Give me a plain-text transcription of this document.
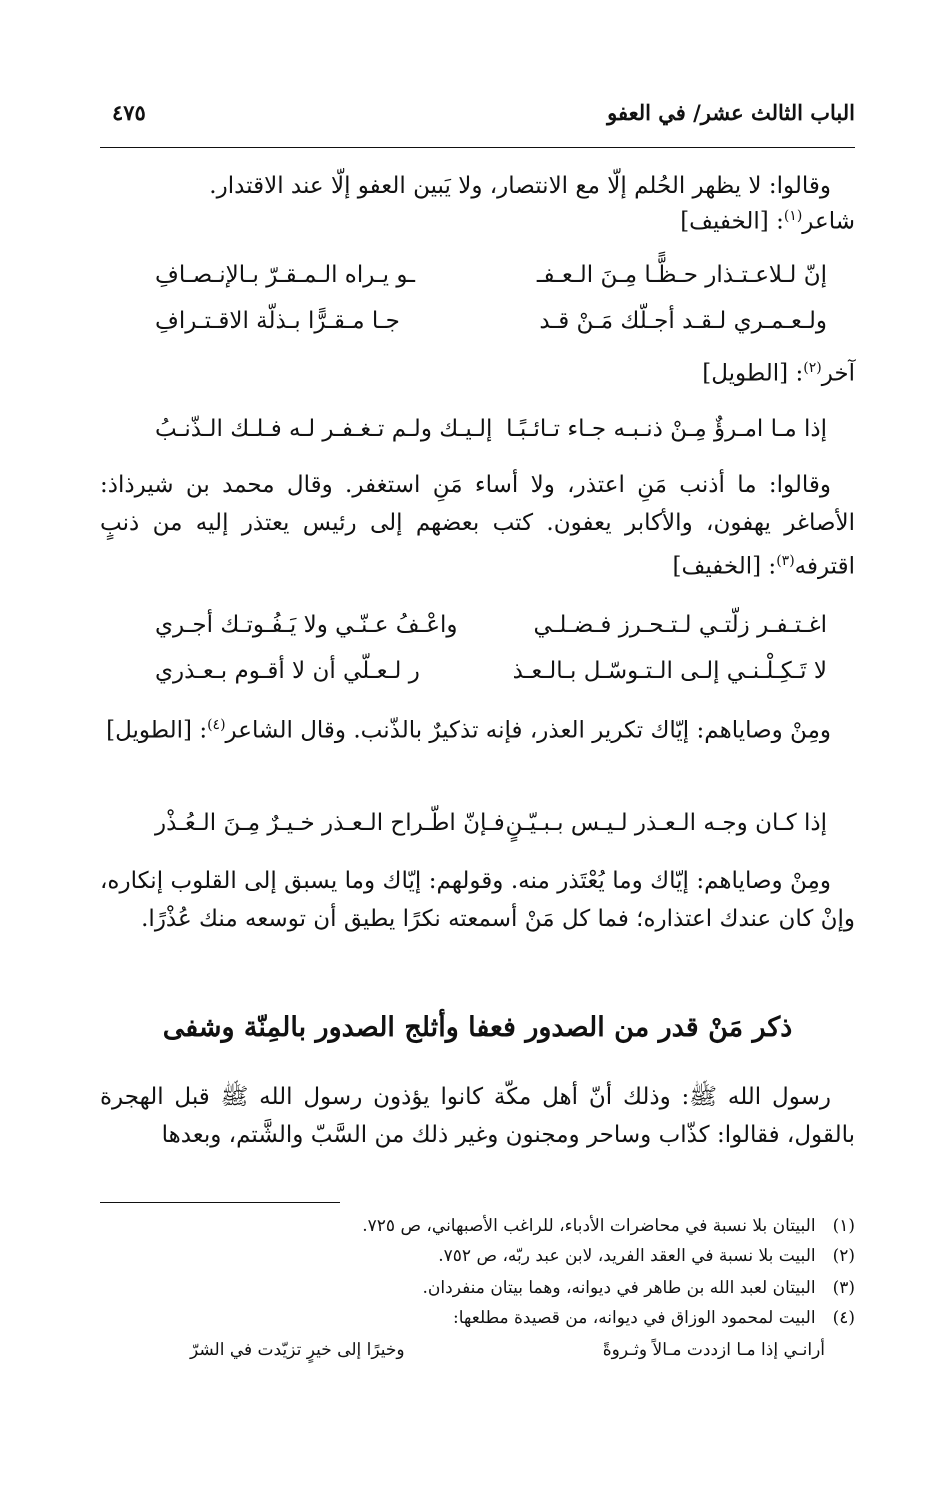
الباب الثالث عشر/ في العفو
٤٧٥
وقالوا: لا يظهر الحُلم إلّا مع الانتصار، ولا يَبين العفو إلّا عند الاقتدار.
شاعر$^{(١)}$: [الخفيف]
إنّ لـلاعـتـذار حـظًّـا مِـنَ الـعـفـ
ـو يـراه الـمـقـرّ بـالإنـصـافِ
ولـعـمـري لـقـد أجـلّك مَـنْ قـد
جـا مـقـرًّا بـذلّة الاقـتـرافِ
آخر$^{(٢)}$: [الطويل]
إذا مـا امـرؤٌ مِـنْ ذنـبـه جـاء تـائـبًـا
إلـيـك ولـم تـغـفـر لـه فـلـك الـذّنـبُ
وقالوا: ما أذنب مَنِ اعتذر، ولا أساء مَنِ استغفر. وقال محمد بن شيرذاذ: الأصاغر يهفون، والأكابر يعفون. كتب بعضهم إلى رئيس يعتذر إليه من ذنبٍ اقترفه$^{(٣)}$: [الخفيف]
اغـتـفـر زلّتـي لـتـحـرز فـضـلـي
واعْـفُ عـنّـي ولا يَـفُـوتـك أجـري
لا تَـكِـلْـنـي إلـى الـتـوسّـل بـالـعـذ
ر لـعـلّي أن لا أقـوم بـعـذري
ومِنْ وصاياهم: إيّاك تكرير العذر، فإنه تذكيرٌ بالذّنب. وقال الشاعر$^{(٤)}$: [الطويل]
إذا كـان وجـه الـعـذر لـيـس بـبـيّـنٍ
فـإنّ اطّـراح الـعـذر خـيـرٌ مِـنَ الـعُـذْر
ومِنْ وصاياهم: إيّاك وما يُعْتَذر منه. وقولهم: إيّاك وما يسبق إلى القلوب إنكاره، وإنْ كان عندك اعتذاره؛ فما كل مَنْ أسمعته نكرًا يطيق أن توسعه منك عُذْرًا.
ذكر مَنْ قدر من الصدور فعفا وأثلج الصدور بالمِنّة وشفى
رسول الله ﷺ: وذلك أنّ أهل مكّة كانوا يؤذون رسول الله ﷺ قبل الهجرة بالقول، فقالوا: كذّاب وساحر ومجنون وغير ذلك من السَّبّ والشَّتم، وبعدها
(١) البيتان بلا نسبة في محاضرات الأدباء، للراغب الأصبهاني، ص ٧٢٥.
(٢) البيت بلا نسبة في العقد الفريد، لابن عبد ربّه، ص ٧٥٢.
(٣) البيتان لعبد الله بن طاهر في ديوانه، وهما بيتان منفردان.
(٤) البيت لمحمود الوزاق في ديوانه، من قصيدة مطلعها:
أرانـي إذا مـا ازددت مـالاً وثـروةً
وخيرًا إلى خيرٍ تزيّدت في الشرّ
